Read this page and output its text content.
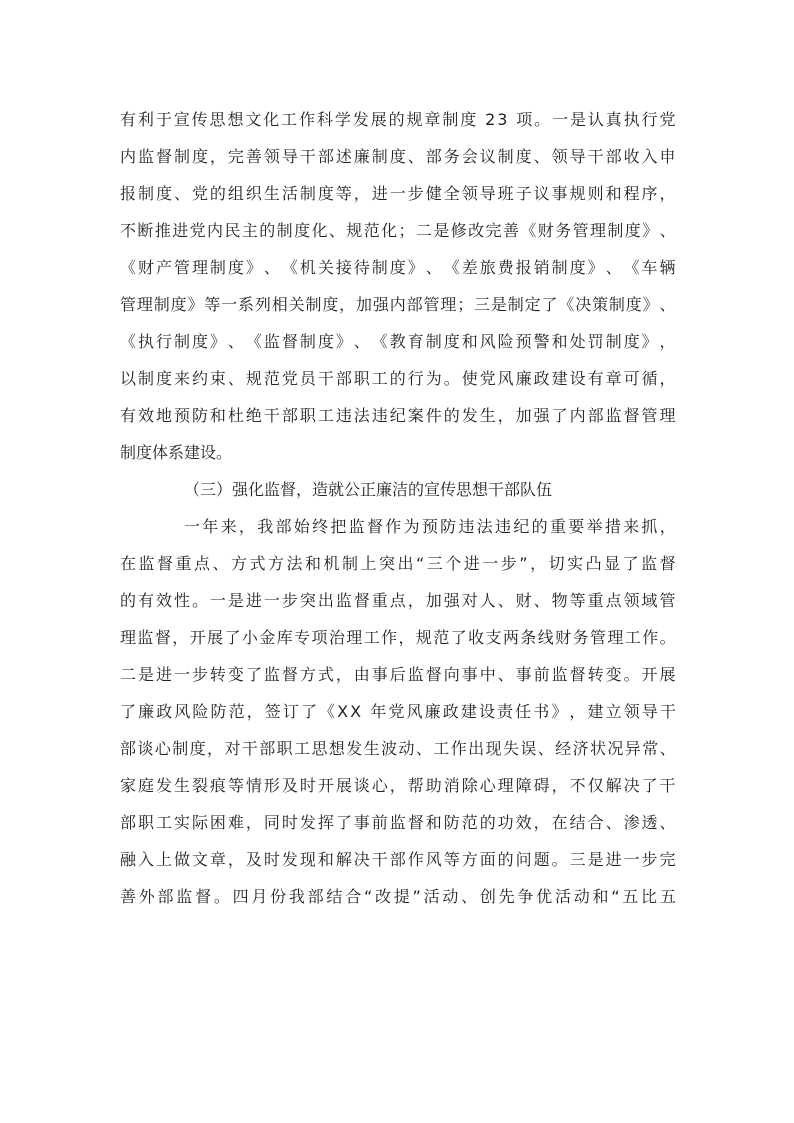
有 利 于 宣 传 思 想 文 化 工 作 科 学 发 展 的 规 章 制 度
2 3
项 。 一 是 认 真 执 行 党
内 监 督 制 度 ， 完 善 领 导 干 部 述 廉 制 度 、 部 务 会 议 制 度 、 领 导 干 部 收 入 申
报 制 度 、 党 的 组 织 生 活 制 度 等 ， 进 一 步 健 全 领 导 班 子 议 事 规 则 和 程 序 ，
不 断 推 进 党 内 民 主 的 制 度 化 、 规 范 化 ； 二 是 修 改 完 善 《 财 务 管 理 制 度 》 、
《 财 产 管 理 制 度 》 、 《 机 关 接 待 制 度 》 、 《 差 旅 费 报 销 制 度 》 、 《 车 辆
管 理 制 度 》 等 一 系 列 相 关 制 度 ， 加 强 内 部 管 理 ； 三 是 制 定 了 《 决 策 制 度 》 、
《 执 行 制 度 》 、 《 监 督 制 度 》 、 《 教 育 制 度 和 风 险 预 警 和 处 罚 制 度 》 ，
以 制 度 来 约 束 、 规 范 党 员 干 部 职 工 的 行 为 。 使 党 风 廉 政 建 设 有 章 可 循 ，
有 效 地 预 防 和 杜 绝 干 部 职 工 违 法 违 纪 案 件 的 发 生 ， 加 强 了 内 部 监 督 管 理
制度体系建设。
（三）强化监督，造就公正廉洁的宣传思想干部队伍
一 年 来 ， 我 部 始 终 把 监 督 作 为 预 防 违 法 违 纪 的 重 要 举 措 来 抓 ，
在 监 督 重 点 、 方 式 方 法 和 机 制 上 突 出 “ 三 个 进 一 步 ” ， 切 实 凸 显 了 监 督
的 有 效 性 。 一 是 进 一 步 突 出 监 督 重 点 ， 加 强 对 人 、 财 、 物 等 重 点 领 域 管
理 监 督 ， 开 展 了 小 金 库 专 项 治 理 工 作 ， 规 范 了 收 支 两 条 线 财 务 管 理 工 作 。
二 是 进 一 步 转 变 了 监 督 方 式 ， 由 事 后 监 督 向 事 中 、 事 前 监 督 转 变 。 开 展
了 廉 政 风 险 防 范 ， 签 订 了 《 X X
年 党 风 廉 政 建 设 责 任 书 》 ， 建 立 领 导 干
部 谈 心 制 度 ， 对 干 部 职 工 思 想 发 生 波 动 、 工 作 出 现 失 误 、 经 济 状 况 异 常 、
家 庭 发 生 裂 痕 等 情 形 及 时 开 展 谈 心 ， 帮 助 消 除 心 理 障 碍 ， 不 仅 解 决 了 干
部 职 工 实 际 困 难 ， 同 时 发 挥 了 事 前 监 督 和 防 范 的 功 效 ， 在 结 合 、 渗 透 、
融 入 上 做 文 章 ， 及 时 发 现 和 解 决 干 部 作 风 等 方 面 的 问 题 。 三 是 进 一 步 完
善 外 部 监 督 。 四 月 份 我 部 结 合 “ 改 提 ” 活 动 、 创 先 争 优 活 动 和 “ 五 比 五
